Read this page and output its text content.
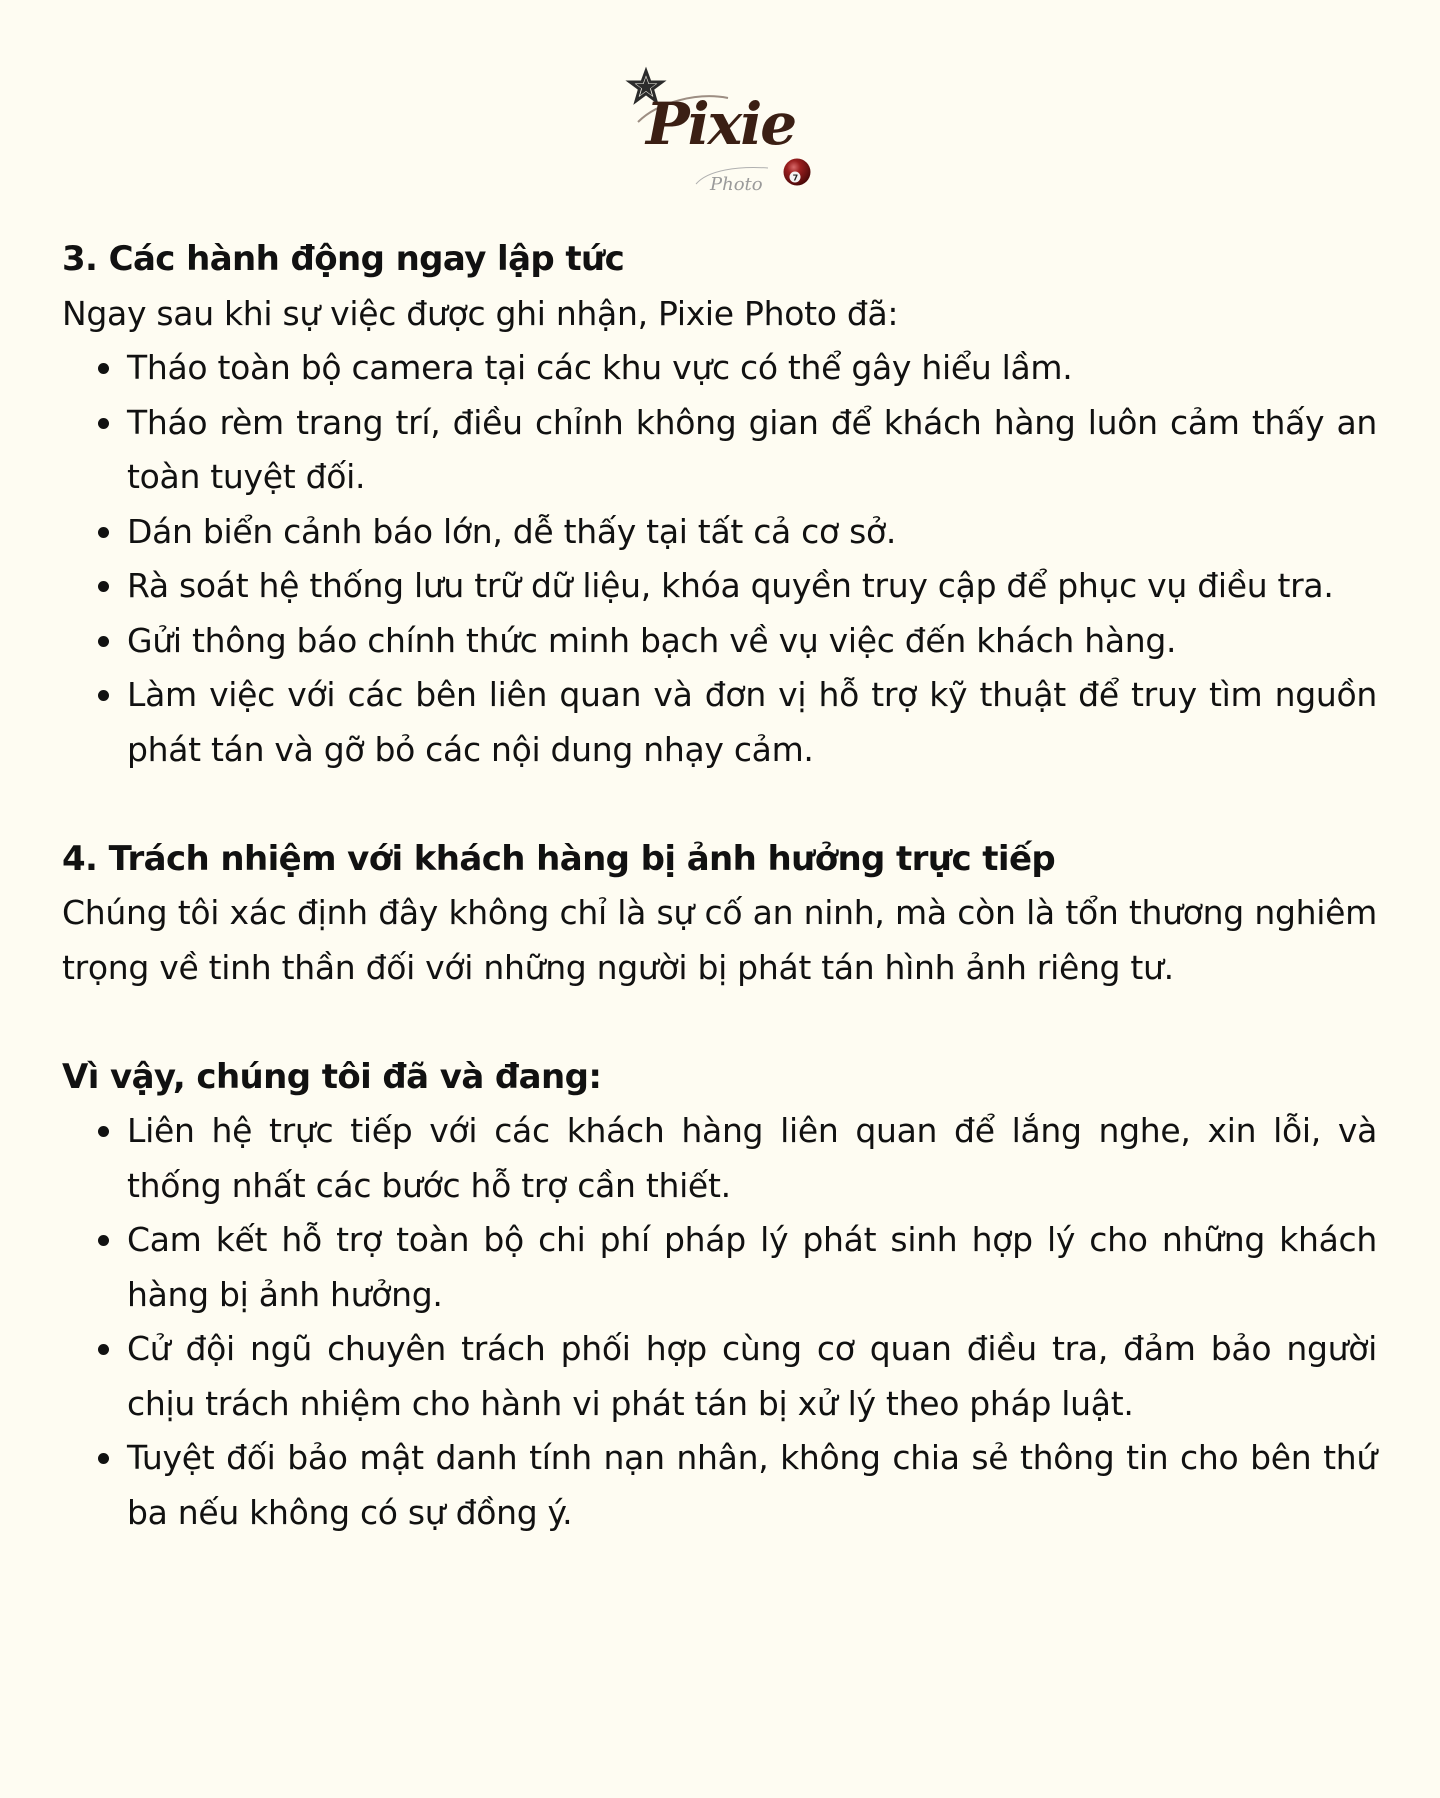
Pixie
Photo	7
3. Các hành động ngay lập tức

Ngay sau khi sự việc được ghi nhận, Pixie Photo đã:

Tháo toàn bộ camera tại các khu vực có thể gây hiểu lầm.
Tháo rèm trang trí, điều chỉnh không gian để khách hàng luôn cảm thấy an toàn tuyệt đối.
Dán biển cảnh báo lớn, dễ thấy tại tất cả cơ sở.
Rà soát hệ thống lưu trữ dữ liệu, khóa quyền truy cập để phục vụ điều tra.
Gửi thông báo chính thức minh bạch về vụ việc đến khách hàng.
Làm việc với các bên liên quan và đơn vị hỗ trợ kỹ thuật để truy tìm nguồn phát tán và gỡ bỏ các nội dung nhạy cảm.
4. Trách nhiệm với khách hàng bị ảnh hưởng trực tiếp

Chúng tôi xác định đây không chỉ là sự cố an ninh, mà còn là tổn thương nghiêm trọng về tinh thần đối với những người bị phát tán hình ảnh riêng tư.

Vì vậy, chúng tôi đã và đang:
Liên hệ trực tiếp với các khách hàng liên quan để lắng nghe, xin lỗi, và thống nhất các bước hỗ trợ cần thiết.
Cam kết hỗ trợ toàn bộ chi phí pháp lý phát sinh hợp lý cho những khách hàng bị ảnh hưởng.
Cử đội ngũ chuyên trách phối hợp cùng cơ quan điều tra, đảm bảo người chịu trách nhiệm cho hành vi phát tán bị xử lý theo pháp luật.
Tuyệt đối bảo mật danh tính nạn nhân, không chia sẻ thông tin cho bên thứ ba nếu không có sự đồng ý.
